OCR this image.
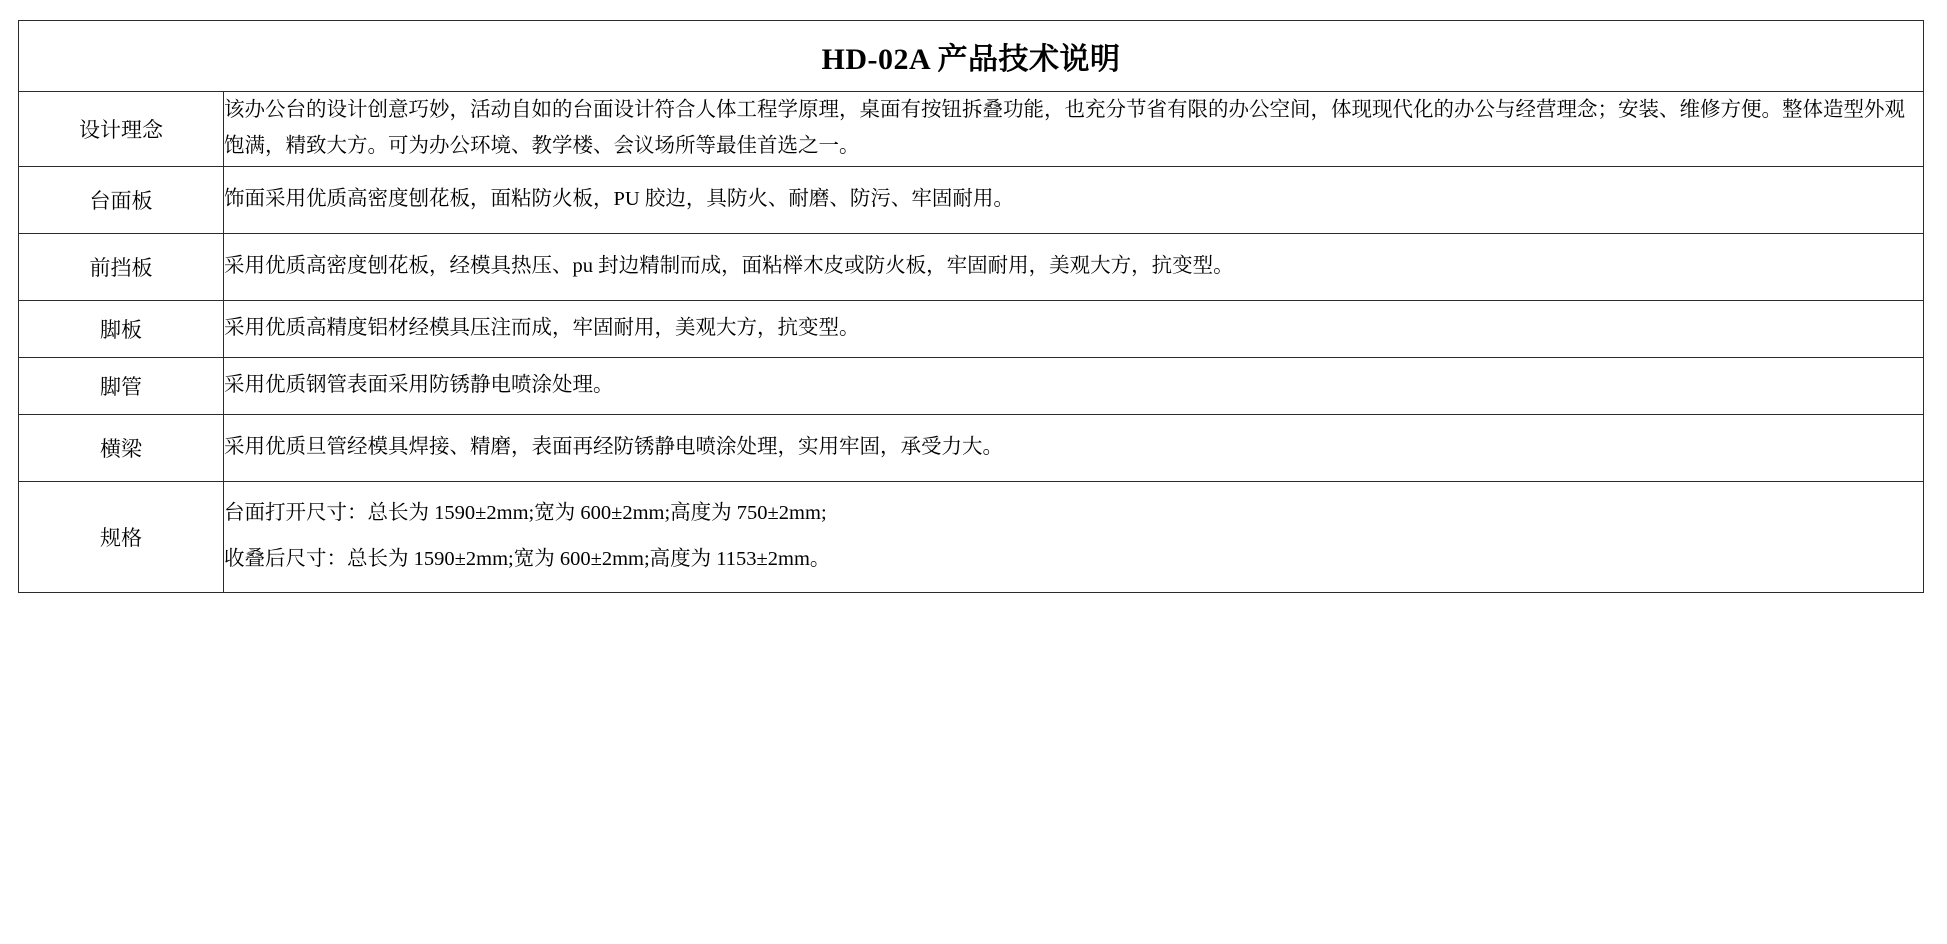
HD-02A 产品技术说明	
设计理念	该办公台的设计创意巧妙，活动自如的台面设计符合人体工程学原理，桌面有按钮拆叠功能，也充分节省有限的办公空间，体现现代化的办公与经营理念；安装、维修方便。整体造型外观饱满，精致大方。可为办公环境、教学楼、会议场所等最佳首选之一。
台面板	饰面采用优质高密度刨花板，面粘防火板，PU 胶边，具防火、耐磨、防污、牢固耐用。
前挡板	采用优质高密度刨花板，经模具热压、pu 封边精制而成，面粘榉木皮或防火板，牢固耐用，美观大方，抗变型。
脚板	采用优质高精度铝材经模具压注而成，牢固耐用，美观大方，抗变型。
脚管	采用优质钢管表面采用防锈静电喷涂处理。
横梁	采用优质旦管经模具焊接、精磨，表面再经防锈静电喷涂处理，实用牢固，承受力大。
规格	台面打开尺寸：总长为 1590±2mm;宽为 600±2mm;高度为 750±2mm;
收叠后尺寸：总长为 1590±2mm;宽为 600±2mm;高度为 1153±2mm。
